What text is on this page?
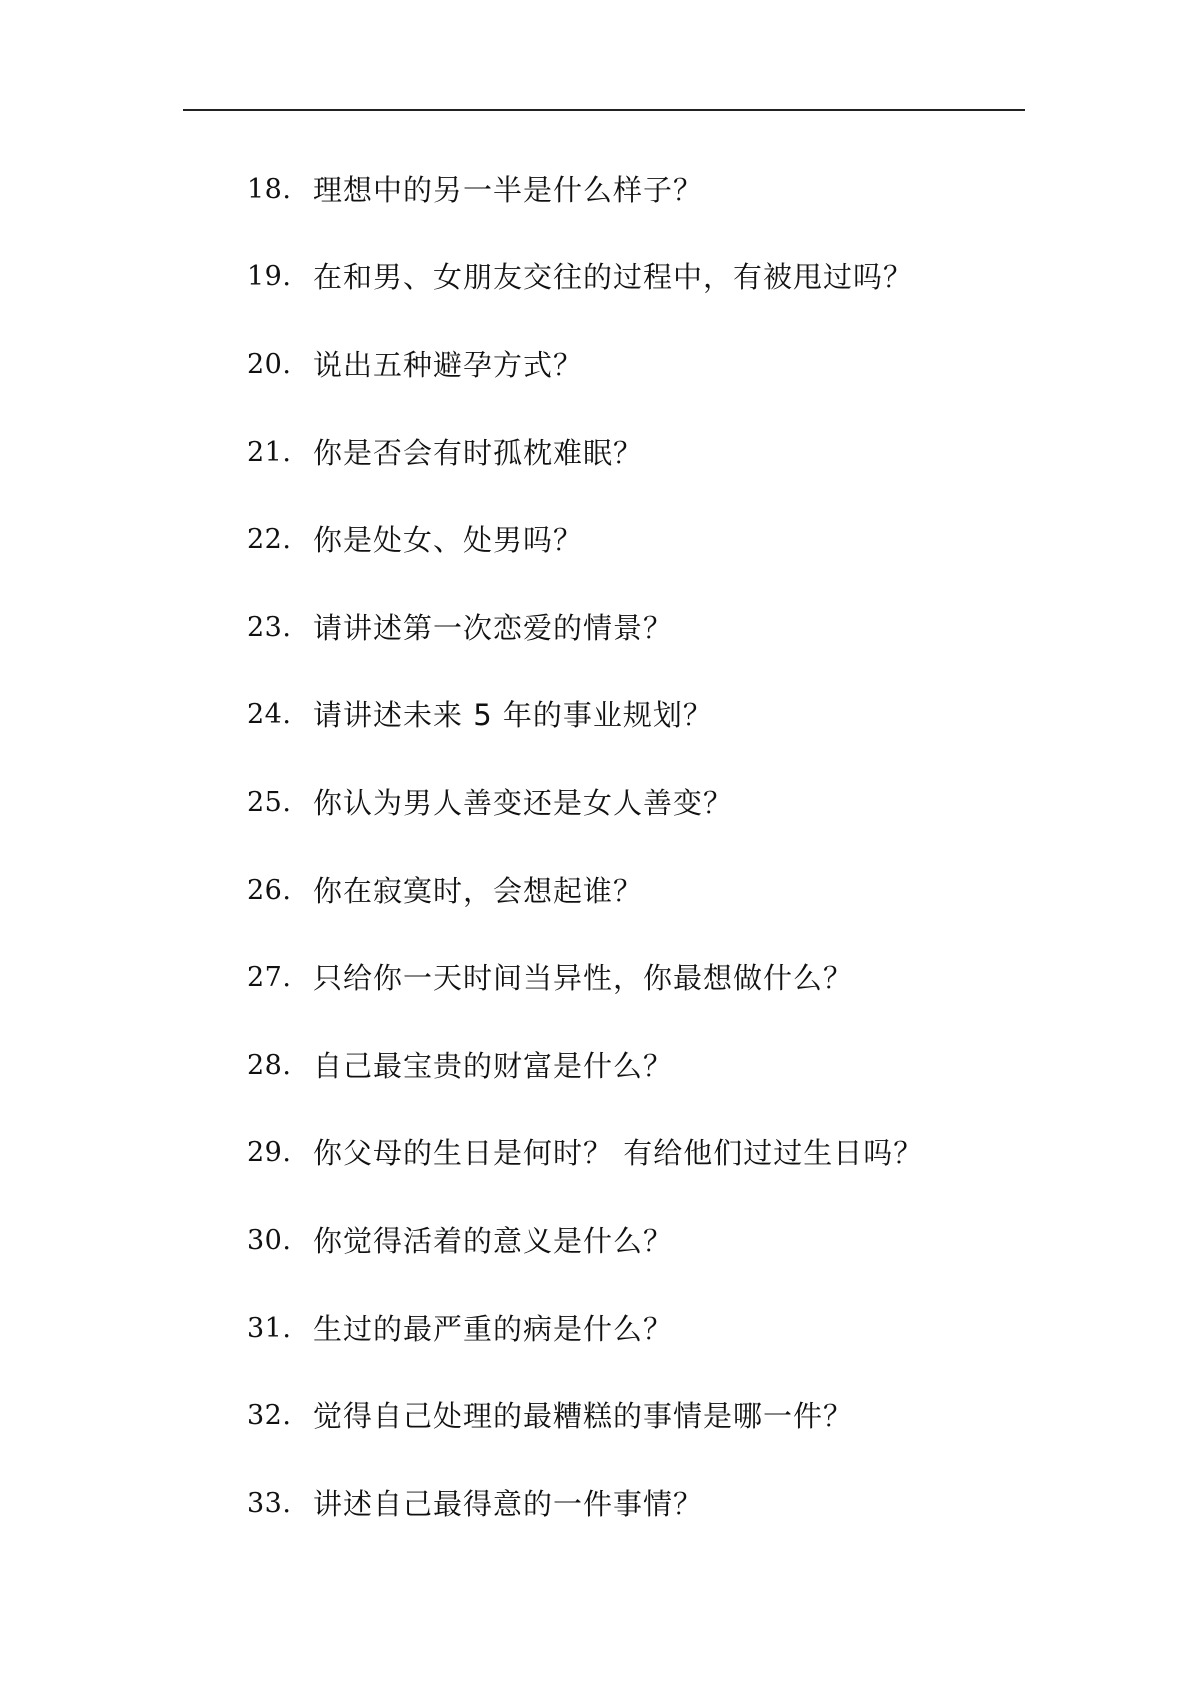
18. 理想中的另一半是什么样子？
19. 在和男、女朋友交往的过程中，有被甩过吗？
20. 说出五种避孕方式？
21. 你是否会有时孤枕难眠？
22. 你是处女、处男吗？
23. 请讲述第一次恋爱的情景？
24. 请讲述未来 5 年的事业规划？
25. 你认为男人善变还是女人善变？
26. 你在寂寞时，会想起谁？
27. 只给你一天时间当异性，你最想做什么？
28. 自己最宝贵的财富是什么？
29. 你父母的生日是何时？ 有给他们过过生日吗？
30. 你觉得活着的意义是什么？
31. 生过的最严重的病是什么？
32. 觉得自己处理的最糟糕的事情是哪一件？
33. 讲述自己最得意的一件事情？
